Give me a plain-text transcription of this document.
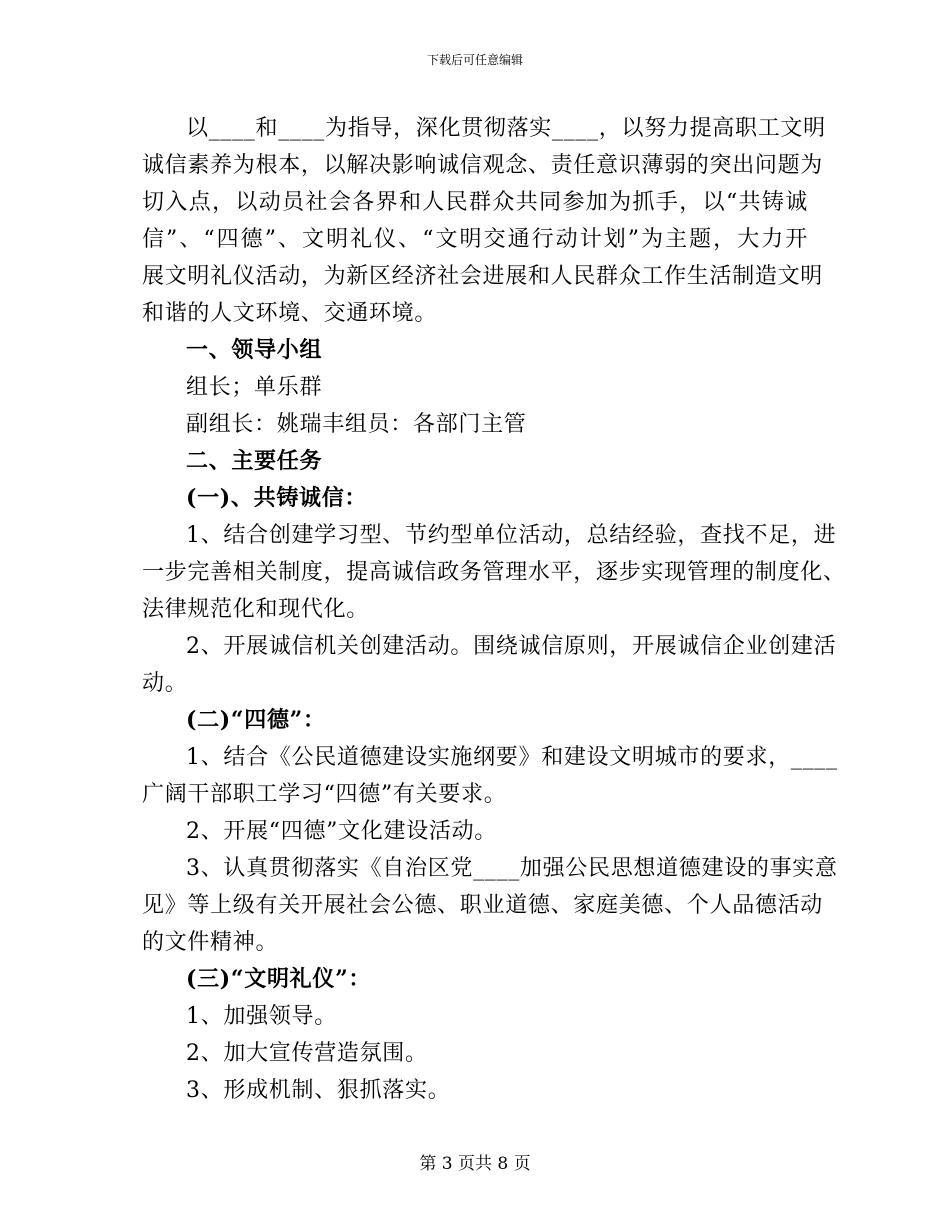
下载后可任意编辑

以____和____为指导，深化贯彻落实____，以努力提高职工文明

诚信素养为根本，以解决影响诚信观念、责任意识薄弱的突出问题为

切入点，以动员社会各界和人民群众共同参加为抓手，以“共铸诚

信”、“四德”、文明礼仪、“文明交通行动计划”为主题，大力开

展文明礼仪活动，为新区经济社会进展和人民群众工作生活制造文明

和谐的人文环境、交通环境。

一、领导小组

组长；单乐群

副组长：姚瑞丰组员：各部门主管

二、主要任务

(一)、共铸诚信：

1、结合创建学习型、节约型单位活动，总结经验，查找不足，进

一步完善相关制度，提高诚信政务管理水平，逐步实现管理的制度化、

法律规范化和现代化。

2、开展诚信机关创建活动。围绕诚信原则，开展诚信企业创建活

动。

(二)“四德”：

1、结合《公民道德建设实施纲要》和建设文明城市的要求，____

广阔干部职工学习“四德”有关要求。

2、开展“四德”文化建设活动。

3、认真贯彻落实《自治区党____加强公民思想道德建设的事实意

见》等上级有关开展社会公德、职业道德、家庭美德、个人品德活动

的文件精神。

(三)“文明礼仪”：

1、加强领导。

2、加大宣传营造氛围。

3、形成机制、狠抓落实。

第 3 页共 8 页
